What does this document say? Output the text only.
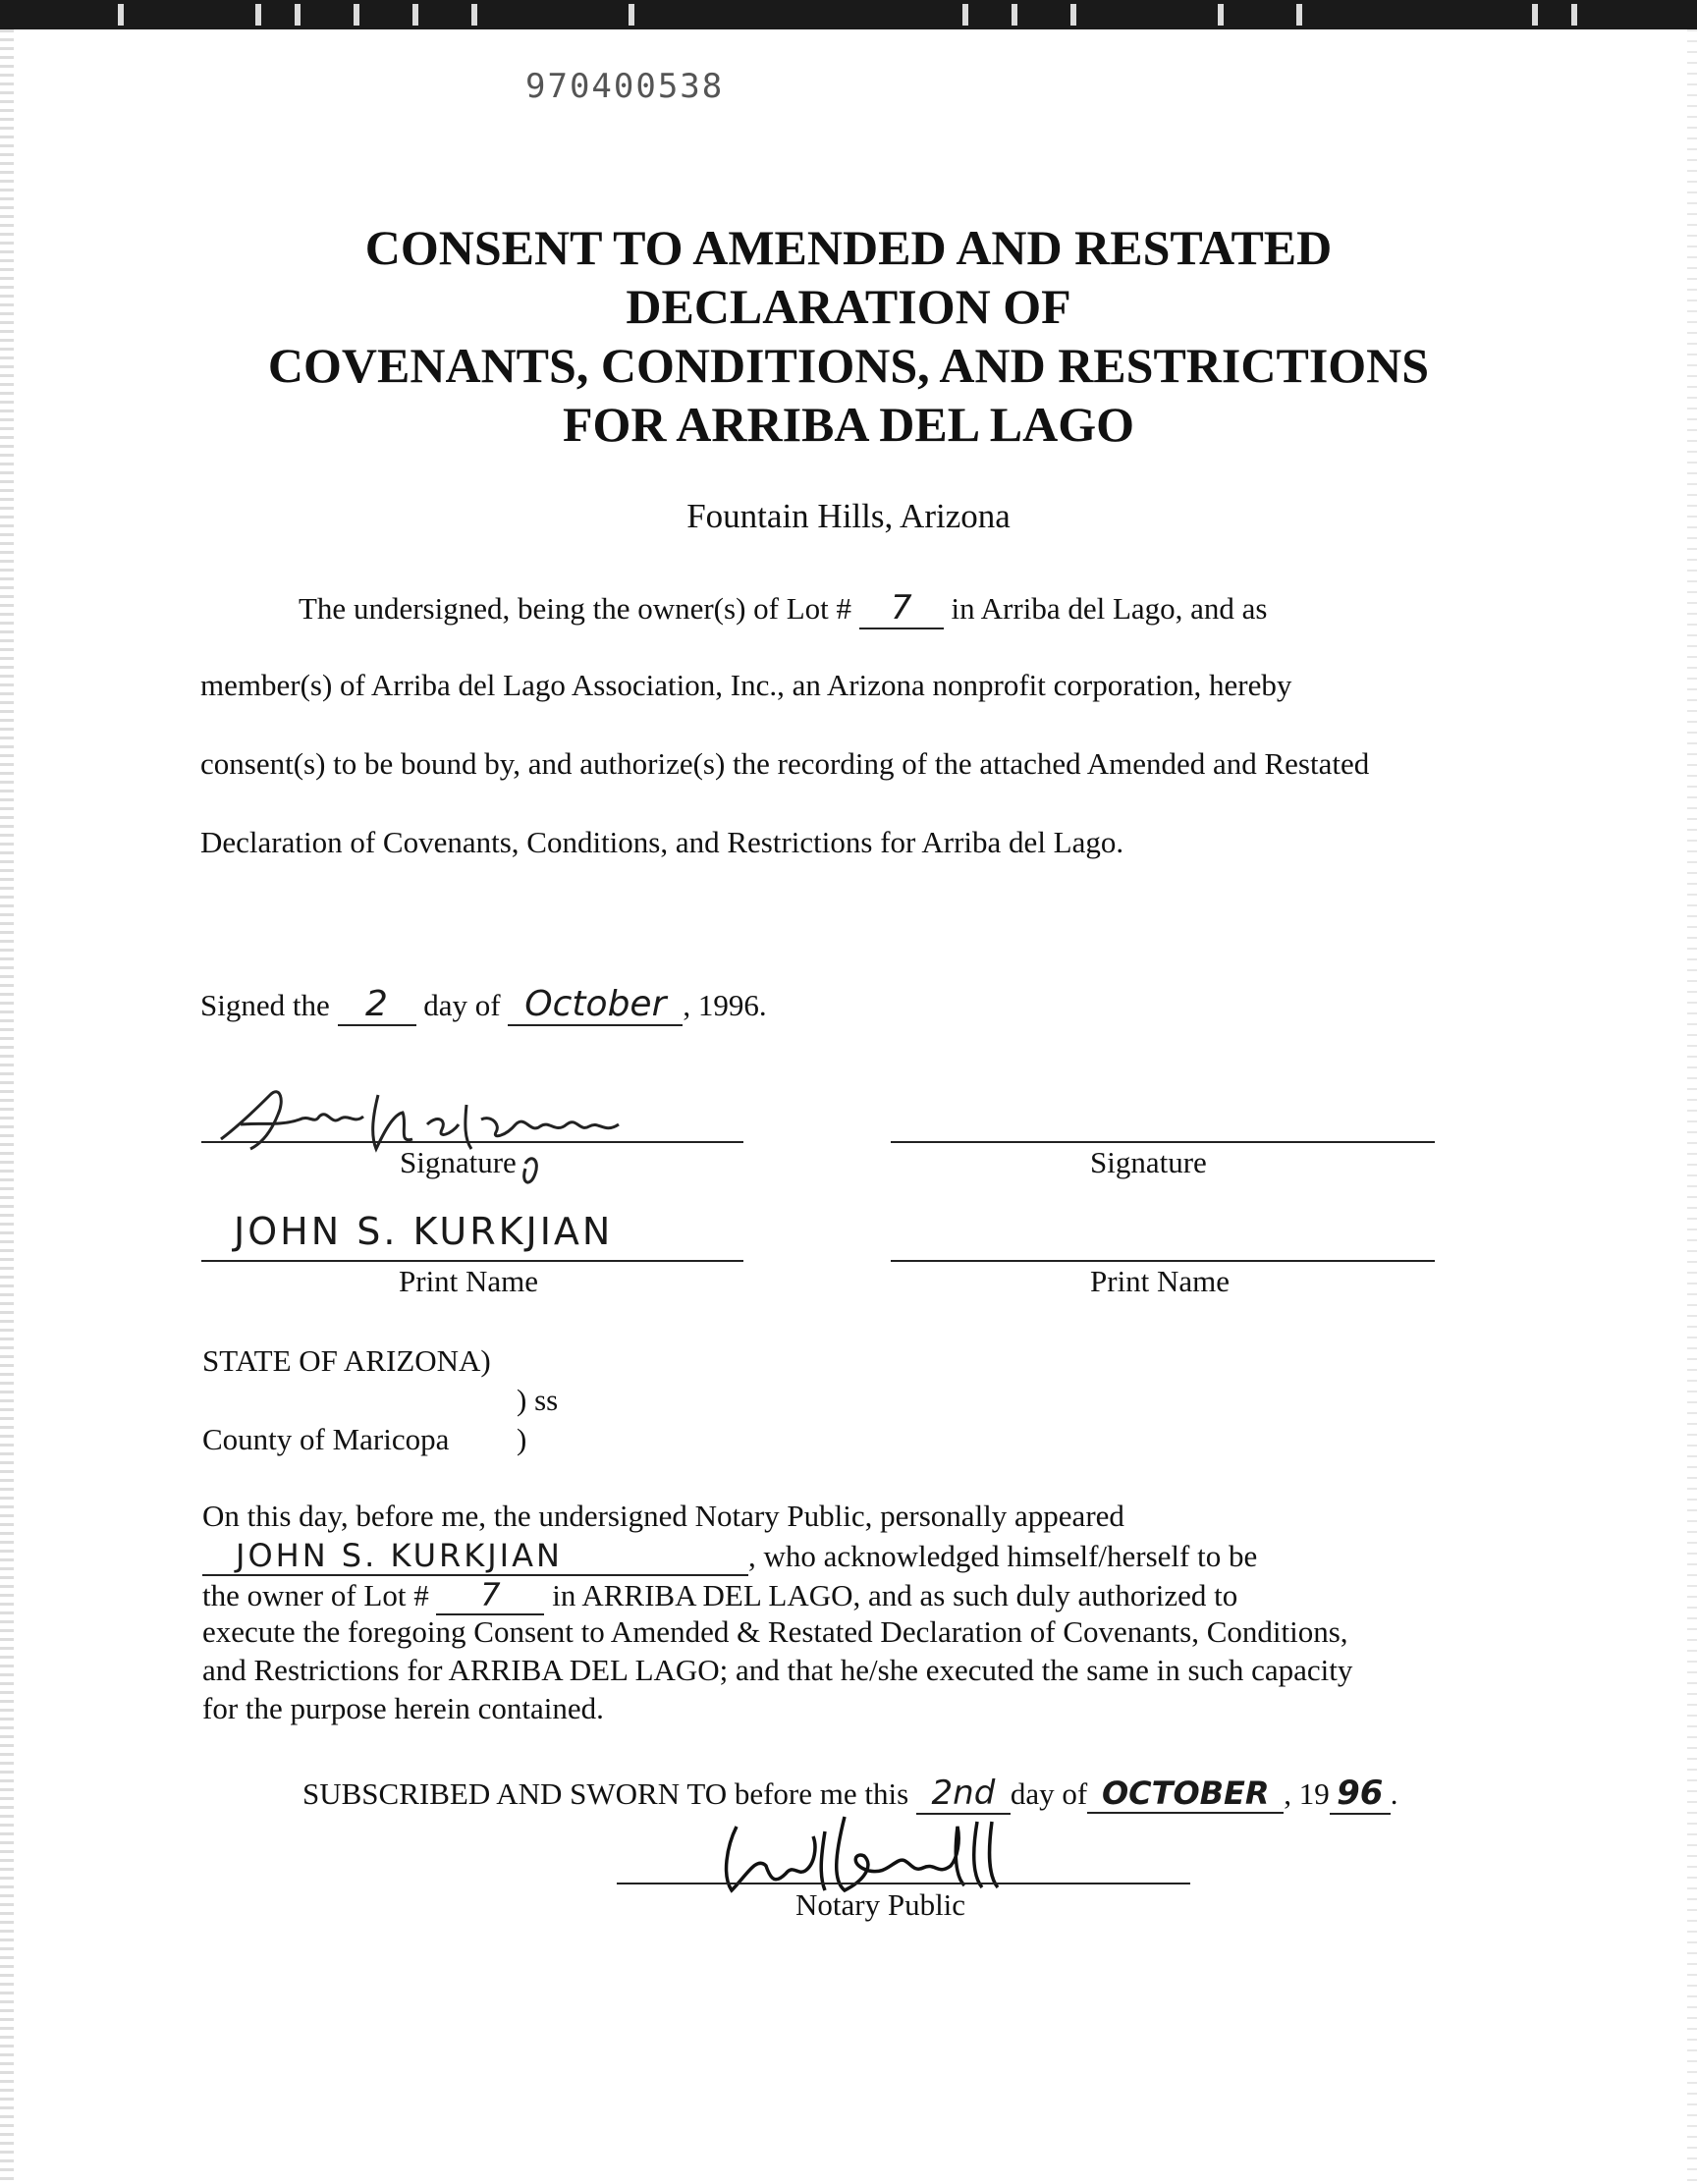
970400538
CONSENT TO AMENDED AND RESTATED
DECLARATION OF
COVENANTS, CONDITIONS, AND RESTRICTIONS
FOR ARRIBA DEL LAGO
Fountain Hills, Arizona
The undersigned, being the owner(s) of Lot # 7 in Arriba del Lago, and as
member(s) of Arriba del Lago Association, Inc., an Arizona nonprofit corporation, hereby
consent(s) to be bound by, and authorize(s) the recording of the attached Amended and Restated
Declaration of Covenants, Conditions, and Restrictions for Arriba del Lago.
Signed the 2 day of October , 1996.
Signature	Signature
JOHN S. KURKJIAN
Print Name	Print Name
STATE OF ARIZONA)
) ss
County of Maricopa )
On this day, before me, the undersigned Notary Public, personally appeared
JOHN S. KURKJIAN	, who acknowledged himself/herself to be
the owner of Lot # 7 in ARRIBA DEL LAGO, and as such duly authorized to
execute the foregoing Consent to Amended & Restated Declaration of Covenants, Conditions,
and Restrictions for ARRIBA DEL LAGO; and that he/she executed the same in such capacity
for the purpose herein contained.
SUBSCRIBED AND SWORN TO before me this 2nd day of OCTOBER , 19 96 .
Notary Public
